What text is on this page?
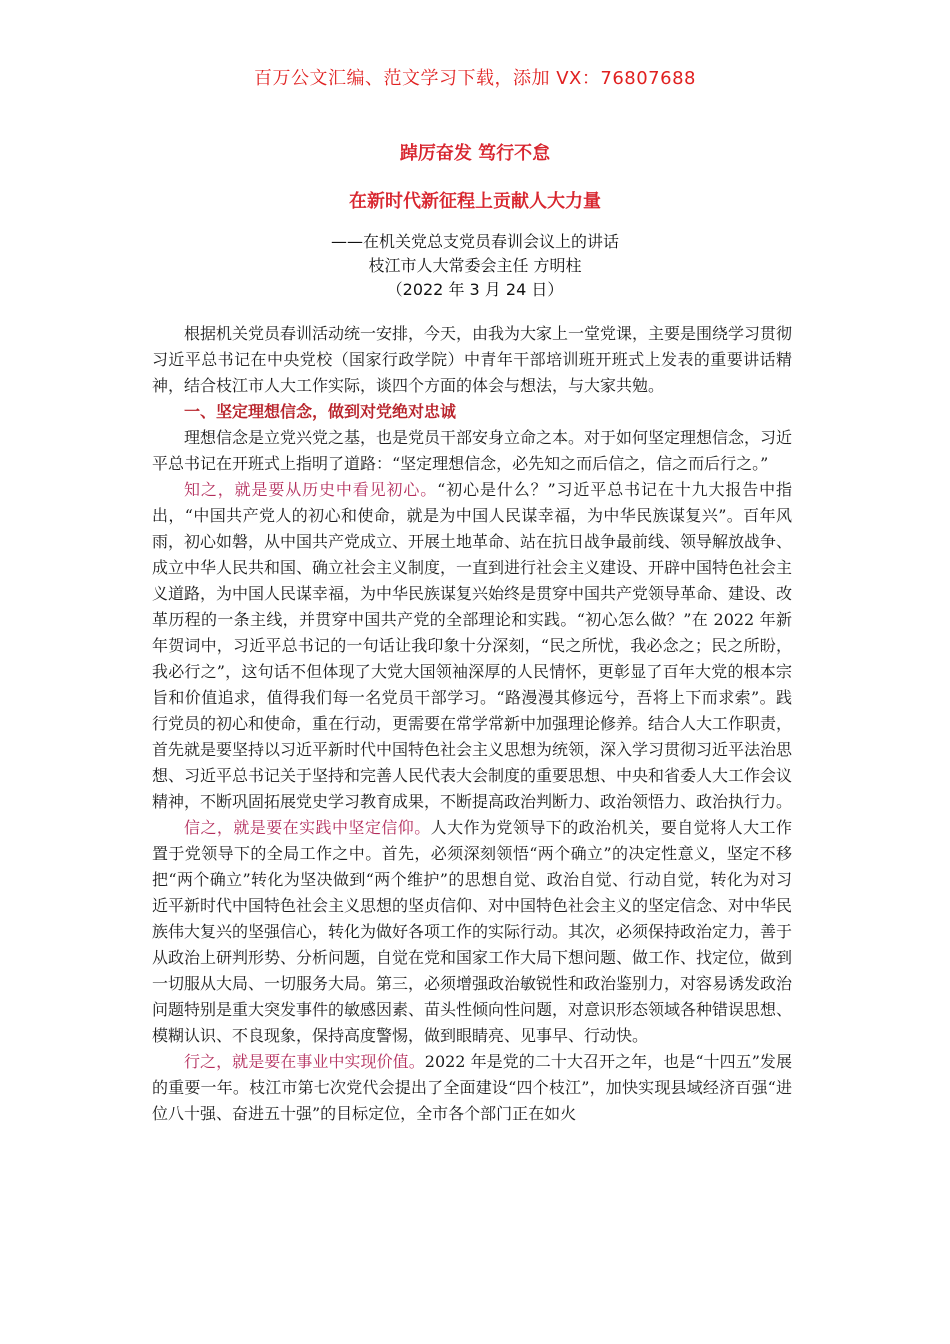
百万公文汇编、范文学习下载，添加 VX：76807688
踔厉奋发 笃行不怠
在新时代新征程上贡献人大力量
——在机关党总支党员春训会议上的讲话
枝江市人大常委会主任 方明柱
（2022 年 3 月 24 日）

根据机关党员春训活动统一安排，今天，由我为大家上一堂党课，主要是围绕学习贯彻习近平总书记在中央党校（国家行政学院）中青年干部培训班开班式上发表的重要讲话精神，结合枝江市人大工作实际，谈四个方面的体会与想法，与大家共勉。

一、坚定理想信念，做到对党绝对忠诚

理想信念是立党兴党之基，也是党员干部安身立命之本。对于如何坚定理想信念，习近平总书记在开班式上指明了道路：“坚定理想信念，必先知之而后信之，信之而后行之。”

知之，就是要从历史中看见初心。“初心是什么？”习近平总书记在十九大报告中指出，“中国共产党人的初心和使命，就是为中国人民谋幸福，为中华民族谋复兴”。百年风雨，初心如磐，从中国共产党成立、开展土地革命、站在抗日战争最前线、领导解放战争、成立中华人民共和国、确立社会主义制度，一直到进行社会主义建设、开辟中国特色社会主义道路，为中国人民谋幸福，为中华民族谋复兴始终是贯穿中国共产党领导革命、建设、改革历程的一条主线，并贯穿中国共产党的全部理论和实践。“初心怎么做？”在 2022 年新年贺词中，习近平总书记的一句话让我印象十分深刻，“民之所忧，我必念之；民之所盼，我必行之”，这句话不但体现了大党大国领袖深厚的人民情怀，更彰显了百年大党的根本宗旨和价值追求，值得我们每一名党员干部学习。“路漫漫其修远兮，吾将上下而求索”。践行党员的初心和使命，重在行动，更需要在常学常新中加强理论修养。结合人大工作职责，首先就是要坚持以习近平新时代中国特色社会主义思想为统领，深入学习贯彻习近平法治思想、习近平总书记关于坚持和完善人民代表大会制度的重要思想、中央和省委人大工作会议精神，不断巩固拓展党史学习教育成果，不断提高政治判断力、政治领悟力、政治执行力。

信之，就是要在实践中坚定信仰。人大作为党领导下的政治机关，要自觉将人大工作置于党领导下的全局工作之中。首先，必须深刻领悟“两个确立”的决定性意义，坚定不移把“两个确立”转化为坚决做到“两个维护”的思想自觉、政治自觉、行动自觉，转化为对习近平新时代中国特色社会主义思想的坚贞信仰、对中国特色社会主义的坚定信念、对中华民族伟大复兴的坚强信心，转化为做好各项工作的实际行动。其次，必须保持政治定力，善于从政治上研判形势、分析问题，自觉在党和国家工作大局下想问题、做工作、找定位，做到一切服从大局、一切服务大局。第三，必须增强政治敏锐性和政治鉴别力，对容易诱发政治问题特别是重大突发事件的敏感因素、苗头性倾向性问题，对意识形态领域各种错误思想、模糊认识、不良现象，保持高度警惕，做到眼睛亮、见事早、行动快。

行之，就是要在事业中实现价值。2022 年是党的二十大召开之年，也是“十四五”发展的重要一年。枝江市第七次党代会提出了全面建设“四个枝江”，加快实现县域经济百强“进位八十强、奋进五十强”的目标定位，全市各个部门正在如火
